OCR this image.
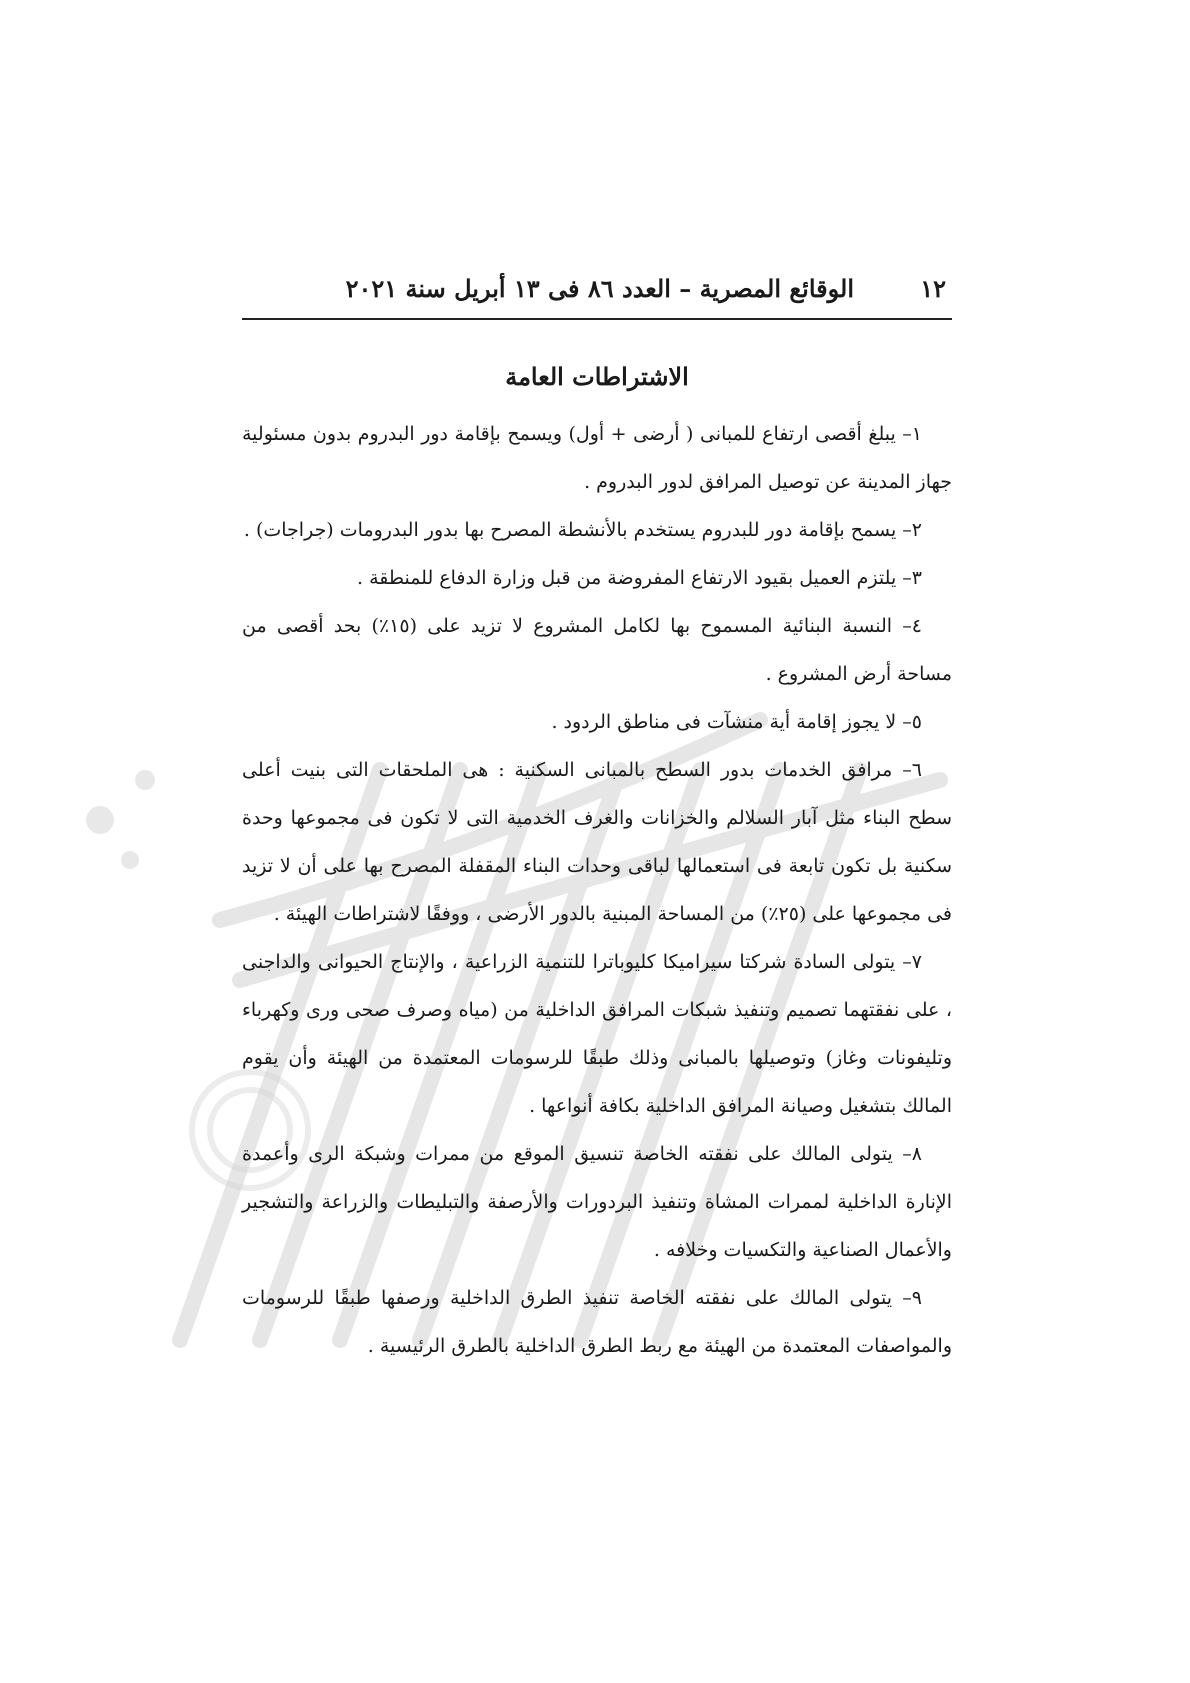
١٢
الوقائع المصرية – العدد ٨٦ فى ١٣ أبريل سنة ٢٠٢١
الاشتراطات العامة

١– يبلغ أقصى ارتفاع للمبانى ( أرضى + أول) ويسمح بإقامة دور البدروم بدون مسئولية جهاز المدينة عن توصيل المرافق لدور البدروم .

٢– يسمح بإقامة دور للبدروم يستخدم بالأنشطة المصرح بها بدور البدرومات (جراجات) .

٣– يلتزم العميل بقيود الارتفاع المفروضة من قبل وزارة الدفاع للمنطقة .

٤– النسبة البنائية المسموح بها لكامل المشروع لا تزيد على (١٥٪) بحد أقصى من مساحة أرض المشروع .

٥– لا يجوز إقامة أية منشآت فى مناطق الردود .

٦– مرافق الخدمات بدور السطح بالمبانى السكنية : هى الملحقات التى بنيت أعلى سطح البناء مثل آبار السلالم والخزانات والغرف الخدمية التى لا تكون فى مجموعها وحدة سكنية بل تكون تابعة فى استعمالها لباقى وحدات البناء المقفلة المصرح بها على أن لا تزيد فى مجموعها على (٢٥٪) من المساحة المبنية بالدور الأرضى ، ووفقًا لاشتراطات الهيئة .

٧– يتولى السادة شركتا سيراميكا كليوباترا للتنمية الزراعية ، والإنتاج الحيوانى والداجنى ، على نفقتهما تصميم وتنفيذ شبكات المرافق الداخلية من (مياه وصرف صحى ورى وكهرباء وتليفونات وغاز) وتوصيلها بالمبانى وذلك طبقًا للرسومات المعتمدة من الهيئة وأن يقوم المالك بتشغيل وصيانة المرافق الداخلية بكافة أنواعها .

٨– يتولى المالك على نفقته الخاصة تنسيق الموقع من ممرات وشبكة الرى وأعمدة الإنارة الداخلية لممرات المشاة وتنفيذ البردورات والأرصفة والتبليطات والزراعة والتشجير والأعمال الصناعية والتكسيات وخلافه .

٩– يتولى المالك على نفقته الخاصة تنفيذ الطرق الداخلية ورصفها طبقًا للرسومات والمواصفات المعتمدة من الهيئة مع ربط الطرق الداخلية بالطرق الرئيسية .
